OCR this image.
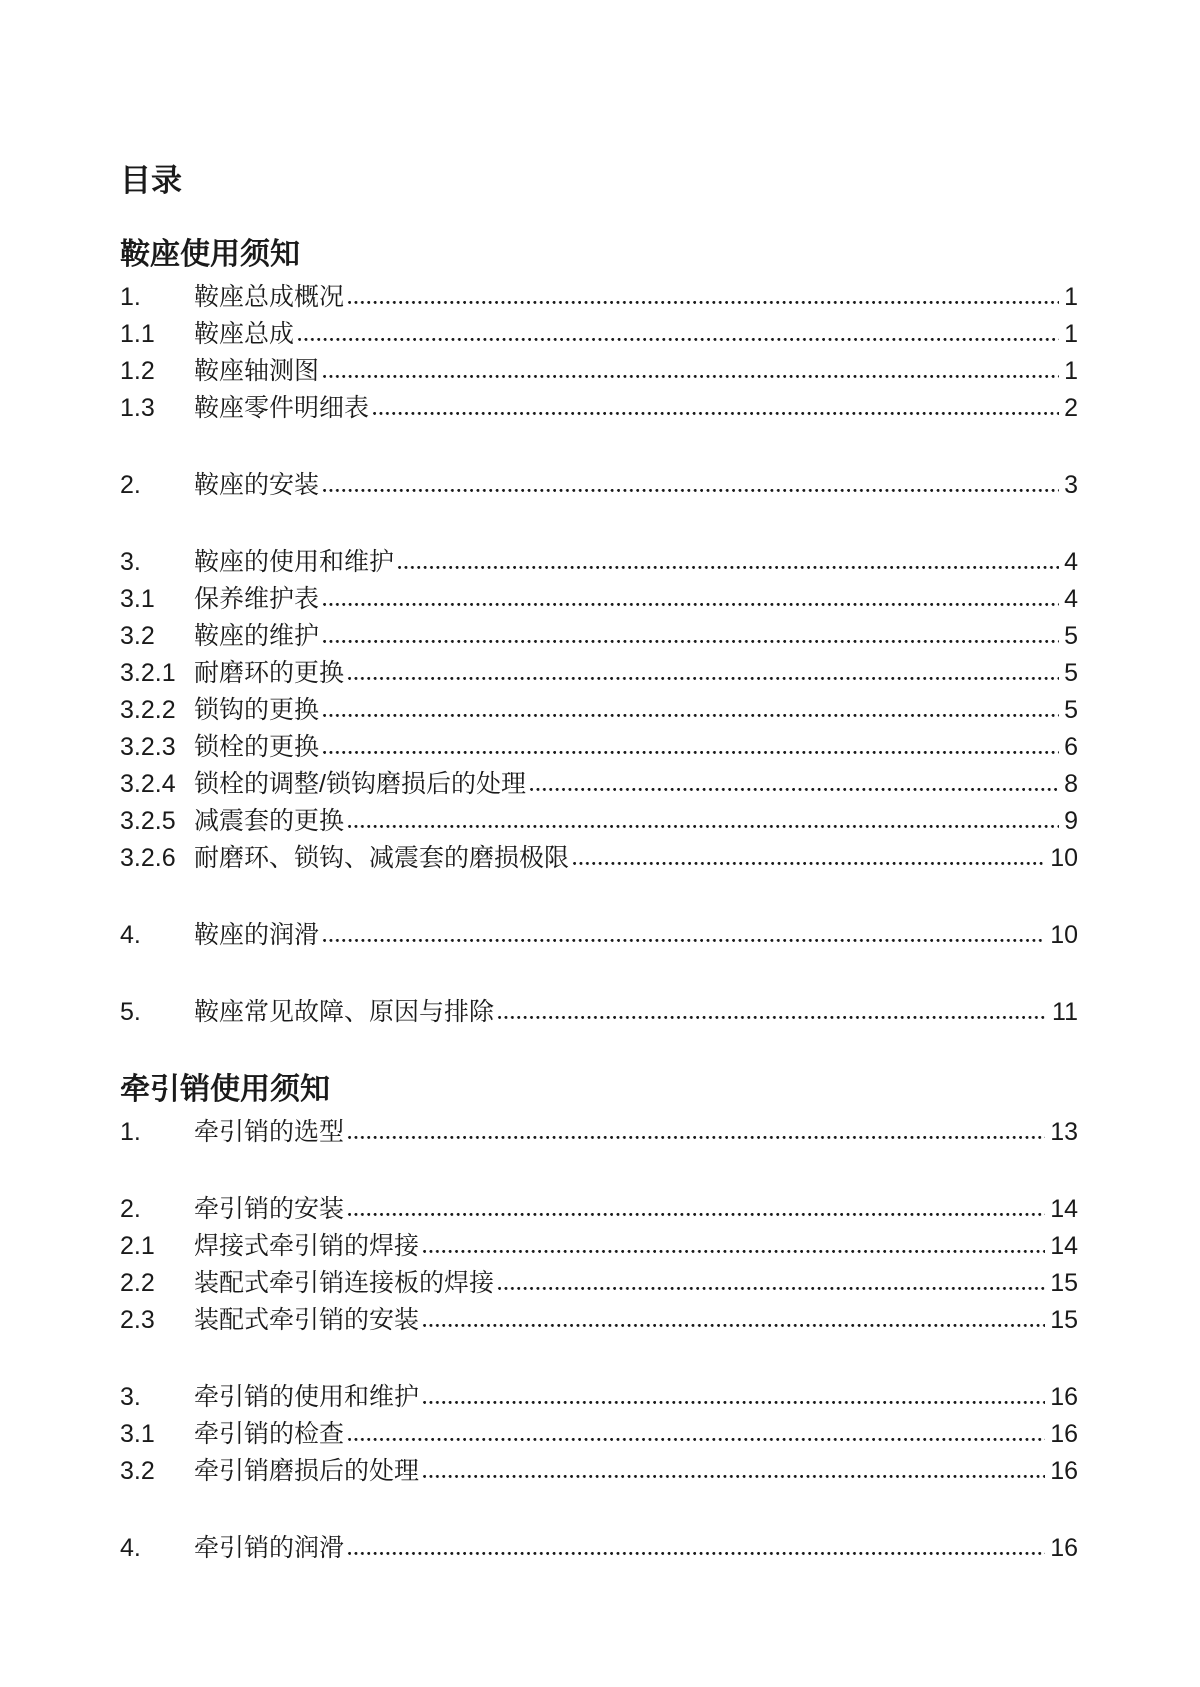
目录
鞍座使用须知
1.	鞍座总成概况	1
1.1	鞍座总成	1
1.2	鞍座轴测图	1
1.3	鞍座零件明细表	2
2.	鞍座的安装	3
3.	鞍座的使用和维护	4
3.1	保养维护表	4
3.2	鞍座的维护	5
3.2.1 耐磨环的更换	5
3.2.2 锁钩的更换	5
3.2.3 锁栓的更换	6
3.2.4 锁栓的调整/锁钩磨损后的处理	8
3.2.5 减震套的更换	9
3.2.6 耐磨环、锁钩、减震套的磨损极限	10
4.	鞍座的润滑	10
5.	鞍座常见故障、原因与排除	11
牵引销使用须知
1.	牵引销的选型	13
2.	牵引销的安装	14
2.1	焊接式牵引销的焊接	14
2.2	装配式牵引销连接板的焊接	15
2.3	装配式牵引销的安装	15
3.	牵引销的使用和维护	16
3.1	牵引销的检查	16
3.2	牵引销磨损后的处理	16
4.	牵引销的润滑	16
